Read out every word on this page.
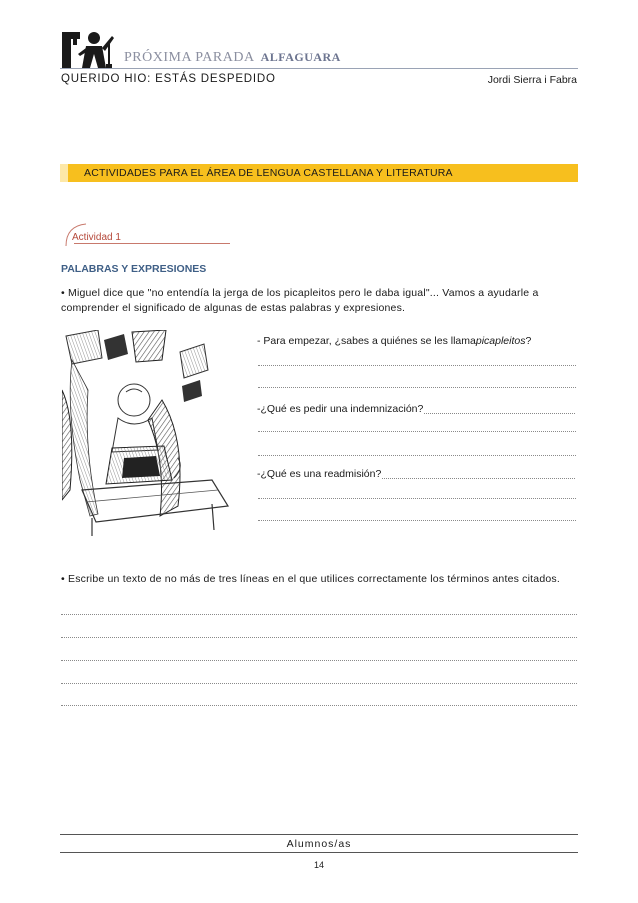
PRÓXIMA PARADA ALFAGUARA
QUERIDO HIO: ESTÁS DESPEDIDO	Jordi Sierra i Fabra
ACTIVIDADES PARA EL ÁREA DE LENGUA CASTELLANA Y LITERATURA
Actividad 1
PALABRAS Y EXPRESIONES
• Miguel dice que "no entendía la jerga de los picapleitos pero le daba igual"... Vamos a ayudarle a comprender el significado de algunas de estas palabras y expresiones.
- Para empezar, ¿sabes a quiénes se les llama picapleitos ?
-¿Qué es pedir una indemnización?
-¿Qué es una readmisión?
• Escribe un texto de no más de tres líneas en el que utilices correctamente los términos antes citados.
Alumnos/as
14
